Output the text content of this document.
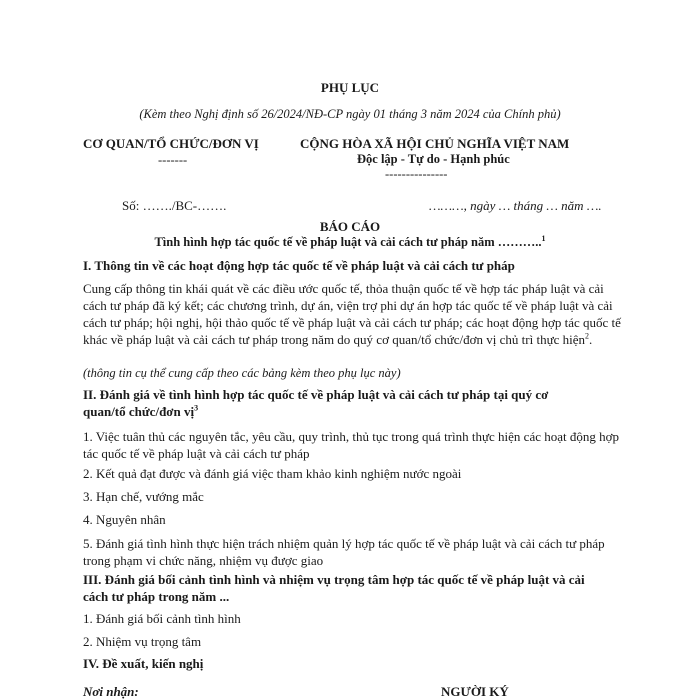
PHỤ LỤC
(Kèm theo Nghị định số 26/2024/NĐ-CP ngày 01 tháng 3 năm 2024 của Chính phủ)
CƠ QUAN/TỔ CHỨC/ĐƠN VỊ
-------
CỘNG HÒA XÃ HỘI CHỦ NGHĨA VIỆT NAM
Độc lập - Tự do - Hạnh phúc
---------------
Số: ……./BC-…….	………, ngày … tháng … năm ….
BÁO CÁO
Tình hình hợp tác quốc tế về pháp luật và cải cách tư pháp năm ………..$^1$
I. Thông tin về các hoạt động hợp tác quốc tế về pháp luật và cải cách tư pháp
Cung cấp thông tin khái quát về các điều ước quốc tế, thỏa thuận quốc tế về hợp tác pháp luật và cải cách tư pháp đã ký kết; các chương trình, dự án, viện trợ phi dự án hợp tác quốc tế về pháp luật và cải cách tư pháp; hội nghị, hội thảo quốc tế về pháp luật và cải cách tư pháp; các hoạt động hợp tác quốc tế khác về pháp luật và cải cách tư pháp trong năm do quý cơ quan/tổ chức/đơn vị chủ trì thực hiện$^2$.
(thông tin cụ thể cung cấp theo các bảng kèm theo phụ lục này)
II. Đánh giá về tình hình hợp tác quốc tế về pháp luật và cải cách tư pháp tại quý cơ
quan/tổ chức/đơn vị$^3$
1. Việc tuân thủ các nguyên tắc, yêu cầu, quy trình, thủ tục trong quá trình thực hiện các hoạt động hợp tác quốc tế về pháp luật và cải cách tư pháp
2. Kết quả đạt được và đánh giá việc tham khảo kinh nghiệm nước ngoài
3. Hạn chế, vướng mắc
4. Nguyên nhân
5. Đánh giá tình hình thực hiện trách nhiệm quản lý hợp tác quốc tế về pháp luật và cải cách tư pháp trong phạm vi chức năng, nhiệm vụ được giao
III. Đánh giá bối cảnh tình hình và nhiệm vụ trọng tâm hợp tác quốc tế về pháp luật và cải
cách tư pháp trong năm ...
1. Đánh giá bối cảnh tình hình
2. Nhiệm vụ trọng tâm
IV. Đề xuất, kiến nghị
Nơi nhận:	NGƯỜI KÝ
